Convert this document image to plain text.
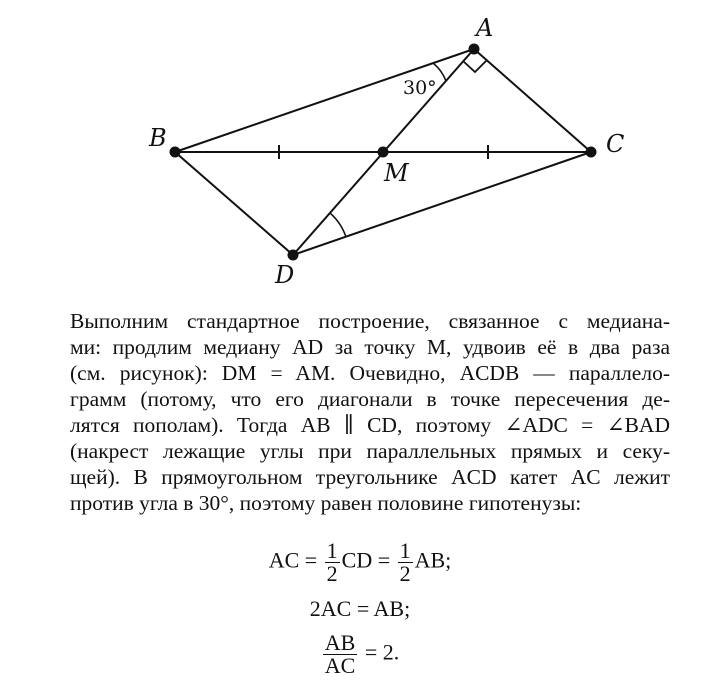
A
B	C
D
M
30°
Выполним стандартное построение, связанное с медиана-
ми: продлим медиану AD за точку M, удвоив её в два раза
(см. рисунок): DM = AM. Очевидно, ACDB — параллело-
грамм (потому, что его диагонали в точке пересечения де-
лятся пополам). Тогда AB ∥ CD, поэтому ∠ADC = ∠BAD
(накрест лежащие углы при параллельных прямых и секу-
щей). В прямоугольном треугольнике ACD катет AC лежит
против угла в 30°, поэтому равен половине гипотенузы:
AC = $\frac{1}{2}$ CD = $\frac{1}{2}$ AB;
2AC = AB;
$\frac{AB}{AC} = 2$.
